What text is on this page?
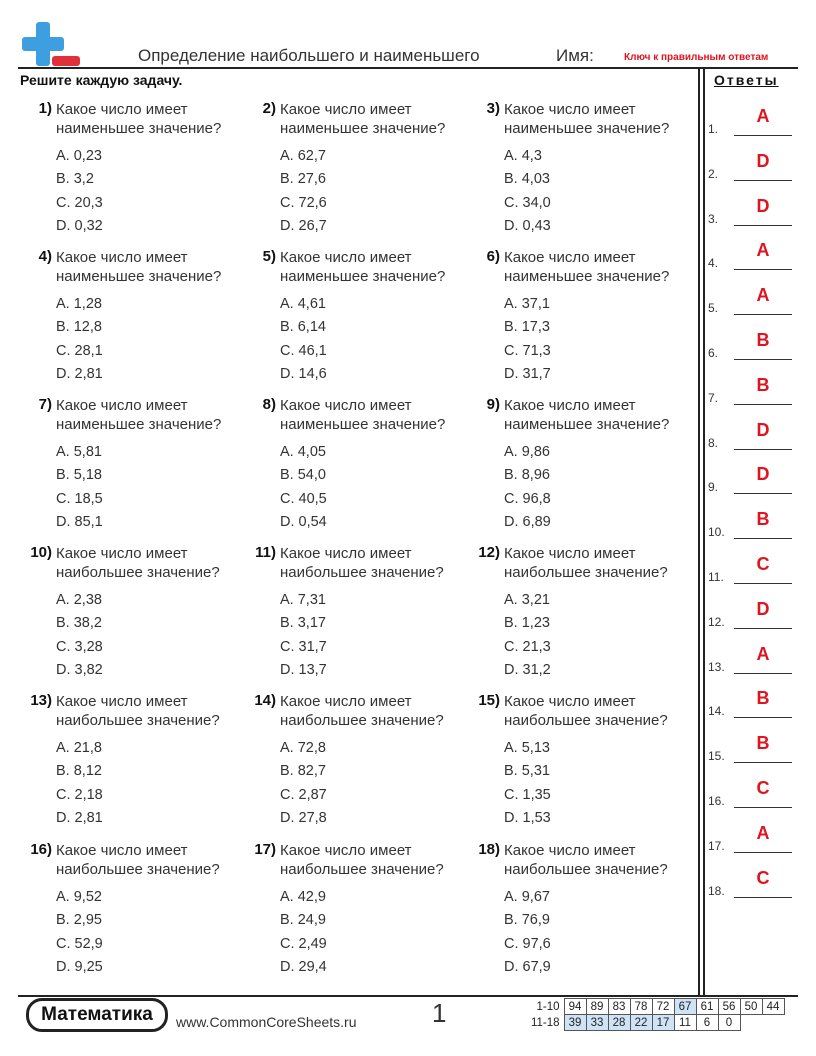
Определение наибольшего и наименьшего	Имя:	Ключ к правильным ответам
Решите каждую задачу.	Ответы
1) Какое число имеет наименьшее значение?
A. 0,23
B. 3,2
C. 20,3
D. 0,32
2) Какое число имеет наименьшее значение?
A. 62,7
B. 27,6
C. 72,6
D. 26,7
3) Какое число имеет наименьшее значение?
A. 4,3
B. 4,03
C. 34,0
D. 0,43
4) Какое число имеет наименьшее значение?
A. 1,28
B. 12,8
C. 28,1
D. 2,81
5) Какое число имеет наименьшее значение?
A. 4,61
B. 6,14
C. 46,1
D. 14,6
6) Какое число имеет наименьшее значение?
A. 37,1
B. 17,3
C. 71,3
D. 31,7
7) Какое число имеет наименьшее значение?
A. 5,81
B. 5,18
C. 18,5
D. 85,1
8) Какое число имеет наименьшее значение?
A. 4,05
B. 54,0
C. 40,5
D. 0,54
9) Какое число имеет наименьшее значение?
A. 9,86
B. 8,96
C. 96,8
D. 6,89
10) Какое число имеет наибольшее значение?
A. 2,38
B. 38,2
C. 3,28
D. 3,82
11) Какое число имеет наибольшее значение?
A. 7,31
B. 3,17
C. 31,7
D. 13,7
12) Какое число имеет наибольшее значение?
A. 3,21
B. 1,23
C. 21,3
D. 31,2
13) Какое число имеет наибольшее значение?
A. 21,8
B. 8,12
C. 2,18
D. 2,81
14) Какое число имеет наибольшее значение?
A. 72,8
B. 82,7
C. 2,87
D. 27,8
15) Какое число имеет наибольшее значение?
A. 5,13
B. 5,31
C. 1,35
D. 1,53
16) Какое число имеет наибольшее значение?
A. 9,52
B. 2,95
C. 52,9
D. 9,25
17) Какое число имеет наибольшее значение?
A. 42,9
B. 24,9
C. 2,49
D. 29,4
18) Какое число имеет наибольшее значение?
A. 9,67
B. 76,9
C. 97,6
D. 67,9
1.
A
2.
D
3.
D
4.
A
5.
A
6.
B
7.
B
8.
D
9.
D
10.
B
11.
C
12.
D
13.
A
14.
B
15.
B
16.
C
17.
A
18.
C
Математика	www.CommonCoreSheets.ru	1	1-10	94	89	83	78	72	67	61	56	50	44
11-18	39	33	28	22	17	11	6	0		
